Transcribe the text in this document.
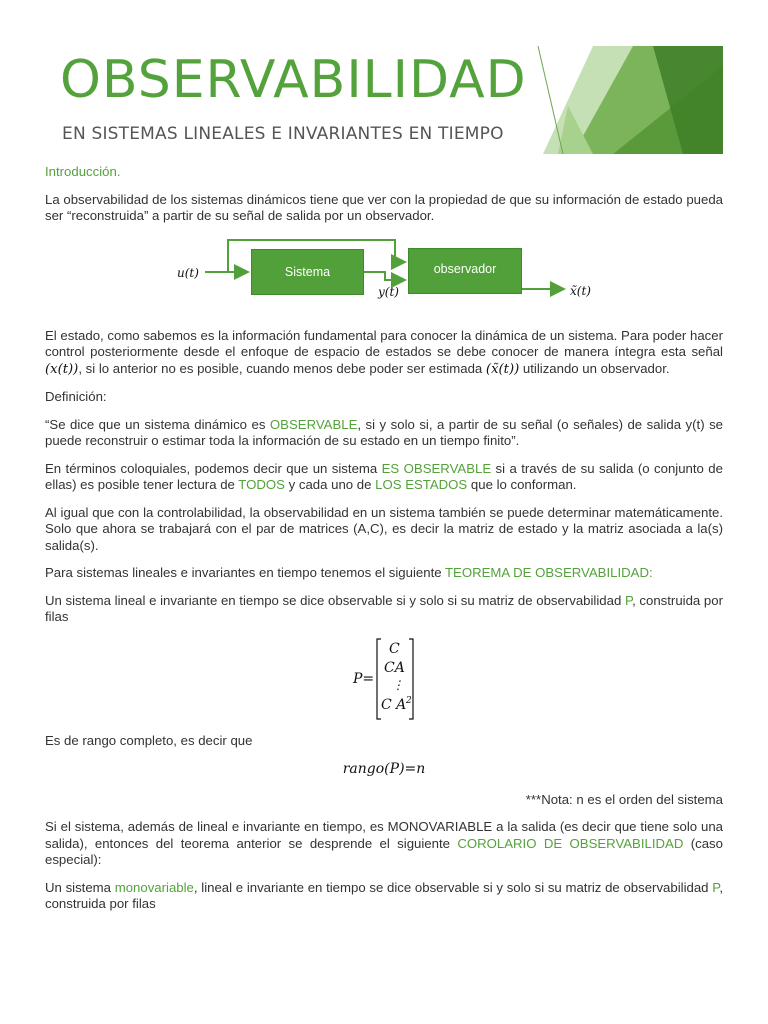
OBSERVABILIDAD
EN SISTEMAS LINEALES E INVARIANTES EN TIEMPO

Introducción.

La observabilidad de los sistemas dinámicos tiene que ver con la propiedad de que su información de estado pueda ser “reconstruida” a partir de su señal de salida por un observador.

u(t)	Sistema	observador
y(t)	x̃(t)

El estado, como sabemos es la información fundamental para conocer la dinámica de un sistema. Para poder hacer control posteriormente desde el enfoque de espacio de estados se debe conocer de manera íntegra esta señal (x(t)), si lo anterior no es posible, cuando menos debe poder ser estimada (x̃(t)) utilizando un observador.

Definición:

“Se dice que un sistema dinámico es OBSERVABLE, si y solo si, a partir de su señal (o señales) de salida y(t) se puede reconstruir o estimar toda la información de su estado en un tiempo finito”.

En términos coloquiales, podemos decir que un sistema ES OBSERVABLE si a través de su salida (o conjunto de ellas) es posible tener lectura de TODOS y cada uno de LOS ESTADOS que lo conforman.

Al igual que con la controlabilidad, la observabilidad en un sistema también se puede determinar matemáticamente. Solo que ahora se trabajará con el par de matrices (A,C), es decir la matriz de estado y la matriz asociada a la(s) salida(s).

Para sistemas lineales e invariantes en tiempo tenemos el siguiente TEOREMA DE OBSERVABILIDAD:

Un sistema lineal e invariante en tiempo se dice observable si y solo si su matriz de observabilidad P, construida por filas

P=
C
CA
⋮
C A 2

Es de rango completo, es decir que

rango(P)=n

***Nota: n es el orden del sistema

Si el sistema, además de lineal e invariante en tiempo, es MONOVARIABLE a la salida (es decir que tiene solo una salida), entonces del teorema anterior se desprende el siguiente COROLARIO DE OBSERVABILIDAD (caso especial):

Un sistema monovariable, lineal e invariante en tiempo se dice observable si y solo si su matriz de observabilidad P, construida por filas
